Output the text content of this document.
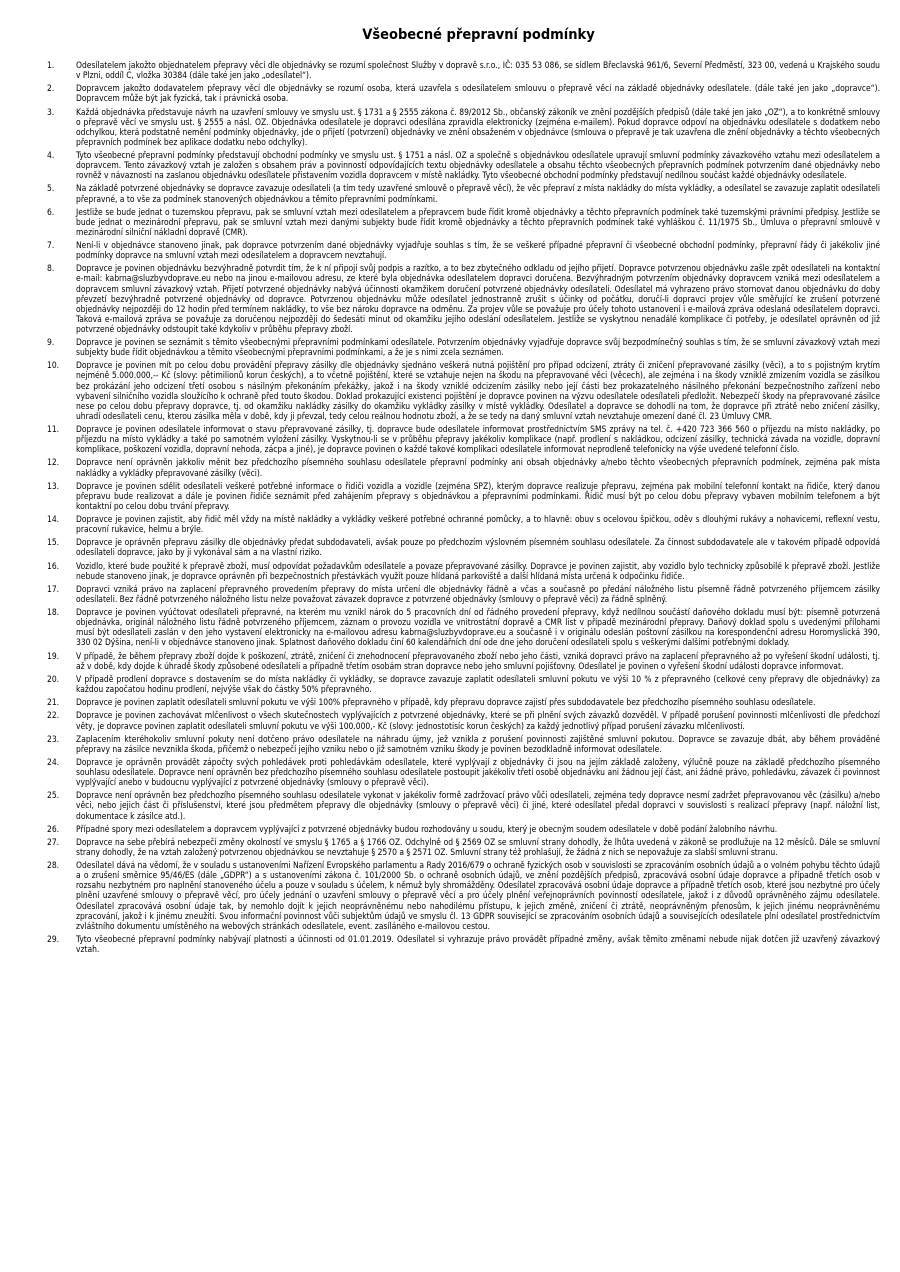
Všeobecné přepravní podmínky
1.	Odesílatelem jakožto objednatelem přepravy věcí dle objednávky se rozumí společnost Služby v dopravě s.r.o., IČ: 035 53 086, se sídlem Břeclavská 961/6, Severní Předměstí, 323 00, vedená u Krajského soudu v Plzni, oddíl C, vložka 30384 (dále také jen jako „odesílatel“).
2.	Dopravcem jakožto dodavatelem přepravy věcí dle objednávky se rozumí osoba, která uzavřela s odesílatelem smlouvu o přepravě věcí na základě objednávky odesílatele. (dále také jen jako „dopravce“). Dopravcem může být jak fyzická, tak i právnická osoba.
3.	Každá objednávka představuje návrh na uzavření smlouvy ve smyslu ust. § 1731 a § 2555 zákona č. 89/2012 Sb., občanský zákoník ve znění pozdějších předpisů (dále také jen jako „OZ“), a to konkrétně smlouvy o přepravě věcí ve smyslu ust. § 2555 a násl. OZ. Objednávka odesílatele je dopravci odesílána zpravidla elektronicky (zejména e-mailem). Pokud dopravce odpoví na objednávku odesílatele s dodatkem nebo odchylkou, která podstatně nemění podmínky objednávky, jde o přijetí (potvrzení) objednávky ve znění obsaženém v objednávce (smlouva o přepravě je tak uzavřena dle znění objednávky a těchto všeobecných přepravních podmínek bez aplikace dodatku nebo odchylky).
4.	Tyto všeobecné přepravní podmínky představují obchodní podmínky ve smyslu ust. § 1751 a násl. OZ a společně s objednávkou odesílatele upravují smluvní podmínky závazkového vztahu mezi odesílatelem a dopravcem. Tento závazkový vztah je založen s obsahem práv a povinností odpovídajících textu objednávky odesílatele a obsahu těchto všeobecných přepravních podmínek potvrzením dané objednávky nebo rovněž v návaznosti na zaslanou objednávku odesílatele přistavením vozidla dopravcem v místě nakládky. Tyto všeobecné obchodní podmínky představují nedílnou součást každé objednávky odesílatele.
5.	Na základě potvrzené objednávky se dopravce zavazuje odesílateli (a tím tedy uzavřené smlouvě o přepravě věcí), že věc přepraví z místa nakládky do místa vykládky, a odesílatel se zavazuje zaplatit odesílateli přepravné, a to vše za podmínek stanovených objednávkou a těmito přepravními podmínkami.
6.	Jestliže se bude jednat o tuzemskou přepravu, pak se smluvní vztah mezi odesílatelem a přepravcem bude řídit kromě objednávky a těchto přepravních podmínek také tuzemskými právními předpisy. Jestliže se bude jednat o mezinárodní přepravu, pak se smluvní vztah mezi danými subjekty bude řídit kromě objednávky a těchto přepravních podmínek také vyhláškou č. 11/1975 Sb., Úmluva o přepravní smlouvě v mezinárodní silniční nákladní dopravě (CMR).
7.	Není-li v objednávce stanoveno jinak, pak dopravce potvrzením dané objednávky vyjadřuje souhlas s tím, že se veškeré případné přepravní či všeobecné obchodní podmínky, přepravní řády či jakékoliv jiné podmínky dopravce na smluvní vztah mezi odesílatelem a dopravcem nevztahují.
8.	Dopravce je povinen objednávku bezvýhradně potvrdit tím, že k ní připojí svůj podpis a razítko, a to bez zbytečného odkladu od jejího přijetí. Dopravce potvrzenou objednávku zašle zpět odesílateli na kontaktní e-mail: kabrna@sluzbyvdoprave.eu nebo na jinou e-mailovou adresu, ze které byla objednávka odesílatelem dopravci doručena. Bezvýhradným potvrzením objednávky dopravcem vzniká mezi odesílatelem a dopravcem smluvní závazkový vztah. Přijetí potvrzené objednávky nabývá účinnosti okamžikem doručení potvrzené objednávky odesílateli. Odesílatel má vyhrazeno právo stornovat danou objednávku do doby převzetí bezvýhradně potvrzené objednávky od dopravce. Potvrzenou objednávku může odesílatel jednostranně zrušit s účinky od počátku, doručí-li dopravci projev vůle směřující ke zrušení potvrzené objednávky nejpozději do 12 hodin před termínem nakládky, to vše bez nároku dopravce na odměnu. Za projev vůle se považuje pro účely tohoto ustanovení i e-mailová zpráva odeslaná odesílatelem dopravci. Taková e-mailová zpráva se považuje za doručenou nejpozději do šedesáti minut od okamžiku jejího odeslání odesílatelem. Jestliže se vyskytnou nenadálé komplikace či potřeby, je odesílatel oprávněn od již potvrzené objednávky odstoupit také kdykoliv v průběhu přepravy zboží.
9.	Dopravce je povinen se seznámit s těmito všeobecnými přepravními podmínkami odesílatele. Potvrzením objednávky vyjadřuje dopravce svůj bezpodmínečný souhlas s tím, že se smluvní závazkový vztah mezi subjekty bude řídit objednávkou a těmito všeobecnými přepravními podmínkami, a že je s nimi zcela seznámen.
10.	Dopravce je povinen mít po celou dobu provádění přepravy zásilky dle objednávky sjednáno veškerá nutná pojištění pro případ odcizení, ztráty či zničení přepravované zásilky (věci), a to s pojistným krytím nejméně 5.000.000,-- Kč (slovy: pětimilionů korun českých), a to včetně pojištění, které se vztahuje nejen na škodu na přepravované věci (věcech), ale zejména i na škody vzniklé zmizením vozidla se zásilkou bez prokázání jeho odcizení třetí osobou s násilným překonáním překážky, jakož i na škody vzniklé odcizením zásilky nebo její části bez prokazatelného násilného překonání bezpečnostního zařízení nebo vybavení silničního vozidla sloužícího k ochraně před touto škodou. Doklad prokazující existenci pojištění je dopravce povinen na výzvu odesílatele odesílateli předložit. Nebezpečí škody na přepravované zásilce nese po celou dobu přepravy dopravce, tj. od okamžiku nakládky zásilky do okamžiku vykládky zásilky v místě vykládky. Odesílatel a dopravce se dohodli na tom, že dopravce při ztrátě nebo zničení zásilky, uhradí odesílateli cenu, kterou zásilka měla v době, kdy ji převzal, tedy celou reálnou hodnotu zboží, a že se tedy na daný smluvní vztah nevztahuje omezení dané čl. 23 Úmluvy CMR.
11.	Dopravce je povinen odesílatele informovat o stavu přepravované zásilky, tj. dopravce bude odesílatele informovat prostřednictvím SMS zprávy na tel. č. +420 723 366 560 o příjezdu na místo nakládky, po příjezdu na místo vykládky a také po samotném vyložení zásilky. Vyskytnou-li se v průběhu přepravy jakékoliv komplikace (např. prodlení s nakládkou, odcizení zásilky, technická závada na vozidle, dopravní komplikace, poškození vozidla, dopravní nehoda, zácpa a jiné), je dopravce povinen o každé takové komplikaci odesílatele informovat neprodleně telefonicky na výše uvedené telefonní číslo.
12.	Dopravce není oprávněn jakkoliv měnit bez předchozího písemného souhlasu odesílatele přepravní podmínky ani obsah objednávky a/nebo těchto všeobecných přepravních podmínek, zejména pak místa nakládky a vykládky přepravované zásilky (věci).
13.	Dopravce je povinen sdělit odesílateli veškeré potřebné informace o řidiči vozidla a vozidle (zejména SPZ), kterým dopravce realizuje přepravu, zejména pak mobilní telefonní kontakt na řidiče, který danou přepravu bude realizovat a dále je povinen řidiče seznámit před zahájením přepravy s objednávkou a přepravními podmínkami. Řidič musí být po celou dobu přepravy vybaven mobilním telefonem a být kontaktní po celou dobu trvání přepravy.
14.	Dopravce je povinen zajistit, aby řidič měl vždy na místě nakládky a vykládky veškeré potřebné ochranné pomůcky, a to hlavně: obuv s ocelovou špičkou, oděv s dlouhými rukávy a nohavicemi, reflexní vestu, pracovní rukavice, helmu a brýle.
15.	Dopravce je oprávněn přepravu zásilky dle objednávky předat subdodavateli, avšak pouze po předchozím výslovném písemném souhlasu odesílatele. Za činnost subdodavatele ale v takovém případě odpovídá odesílateli dopravce, jako by ji vykonával sám a na vlastní riziko.
16.	Vozidlo, které bude použité k přepravě zboží, musí odpovídat požadavkům odesílatele a povaze přepravované zásilky. Dopravce je povinen zajistit, aby vozidlo bylo technicky způsobilé k přepravě zboží. Jestliže nebude stanoveno jinak, je dopravce oprávněn při bezpečnostních přestávkách využít pouze hlídaná parkoviště a další hlídaná místa určená k odpočinku řidiče.
17.	Dopravci vzniká právo na zaplacení přepravného provedením přepravy do místa určení dle objednávky řádně a včas a současně po předání náložného listu písemně řádně potvrzeného příjemcem zásilky odesílateli. Bez řádně potvrzeného náložného listu nelze považovat závazek dopravce z potvrzené objednávky (smlouvy o přepravě věci) za řádně splněný.
18.	Dopravce je povinen vyúčtovat odesílateli přepravné, na kterém mu vznikl nárok do 5 pracovních dní od řádného provedení přepravy, když nedílnou součástí daňového dokladu musí být: písemně potvrzená objednávka, originál náložného listu řádně potvrzeného příjemcem, záznam o provozu vozidla ve vnitrostátní dopravě a CMR list v případě mezinárodní přepravy. Daňový doklad spolu s uvedenými přílohami musí být odesílateli zaslán v den jeho vystavení elektronicky na e-mailovou adresu kabrna@sluzbyvdoprave.eu a současně i v originálu odeslán poštovní zásilkou na korespondenční adresu Horomyslická 390, 330 02 Dýšina, není-li v objednávce stanoveno jinak. Splatnost daňového dokladu činí 60 kalendářních dní ode dne jeho doručení odesílateli spolu s veškerými dalšími potřebnými doklady.
19.	V případě, že během přepravy zboží dojde k poškození, ztrátě, zničení či znehodnocení přepravovaného zboží nebo jeho části, vzniká dopravci právo na zaplacení přepravného až po vyřešení škodní události, tj. až v době, kdy dojde k úhradě škody způsobené odesílateli a případně třetím osobám stran dopravce nebo jeho smluvní pojišťovny. Odesílatel je povinen o vyřešení škodní události dopravce informovat.
20.	V případě prodlení dopravce s dostavením se do místa nakládky či vykládky, se dopravce zavazuje zaplatit odesílateli smluvní pokutu ve výši 10 % z přepravného (celkové ceny přepravy dle objednávky) za každou započatou hodinu prodlení, nejvýše však do částky 50% přepravného.
21.	Dopravce je povinen zaplatit odesílateli smluvní pokutu ve výši 100% přepravného v případě, kdy přepravu dopravce zajistí přes subdodavatele bez předchozího písemného souhlasu odesílatele.
22.	Dopravce je povinen zachovávat mlčenlivost o všech skutečnostech vyplývajících z potvrzené objednávky, které se při plnění svých závazků dozvěděl. V případě porušení povinnosti mlčenlivosti dle předchozí věty, je dopravce povinen zaplatit odesílateli smluvní pokutu ve výši 100.000,- Kč (slovy: jednostotisíc korun českých) za každý jednotlivý případ porušení závazku mlčenlivosti.
23.	Zaplacením kteréhokoliv smluvní pokuty není dotčeno právo odesílatele na náhradu újmy, jež vznikla z porušení povinnosti zajištěné smluvní pokutou. Dopravce se zavazuje dbát, aby během prováděné přepravy na zásilce nevznikla škoda, přičemž o nebezpečí jejího vzniku nebo o již samotném vzniku škody je povinen bezodkladně informovat odesílatele.
24.	Dopravce je oprávněn provádět zápočty svých pohledávek proti pohledávkám odesílatele, které vyplývají z objednávky či jsou na jejím základě založeny, výlučně pouze na základě předchozího písemného souhlasu odesílatele. Dopravce není oprávněn bez předchozího písemného souhlasu odesílatele postoupit jakékoliv třetí osobě objednávku ani žádnou její část, ani žádné právo, pohledávku, závazek či povinnost vyplývající anebo v budoucnu vyplývající z potvrzené objednávky (smlouvy o přepravě věci).
25.	Dopravce není oprávněn bez předchozího písemného souhlasu odesílatele vykonat v jakékoliv formě zadržovací právo vůči odesílateli, zejména tedy dopravce nesmí zadržet přepravovanou věc (zásilku) a/nebo věci, nebo jejich část či příslušenství, které jsou předmětem přepravy dle objednávky (smlouvy o přepravě věci) či jiné, které odesílatel předal dopravci v souvislosti s realizací přepravy (např. náložní list, dokumentace k zásilce atd.).
26.	Případné spory mezi odesílatelem a dopravcem vyplývající z potvrzené objednávky budou rozhodovány u soudu, který je obecným soudem odesílatele v době podání žalobního návrhu.
27.	Dopravce na sebe přebírá nebezpečí změny okolností ve smyslu § 1765 a § 1766 OZ. Odchylně od § 2569 OZ se smluvní strany dohodly, že lhůta uvedená v zákoně se prodlužuje na 12 měsíců. Dále se smluvní strany dohodly, že na vztah založený potvrzenou objednávkou se nevztahuje § 2570 a § 2571 OZ. Smluvní strany též prohlašují, že žádná z nich se nepovažuje za slabší smluvní stranu.
28.	Odesílatel dává na vědomí, že v souladu s ustanoveními Nařízení Evropského parlamentu a Rady 2016/679 o ochraně fyzických osob v souvislosti se zpracováním osobních údajů a o volném pohybu těchto údajů a o zrušení směrnice 95/46/ES (dále „GDPR“) a s ustanoveními zákona č. 101/2000 Sb. o ochraně osobních údajů, ve znění pozdějších předpisů, zpracovává osobní údaje dopravce a případně třetích osob v rozsahu nezbytném pro naplnění stanoveného účelu a pouze v souladu s účelem, k němuž byly shromážděny. Odesílatel zpracovává osobní údaje dopravce a případně třetích osob, které jsou nezbytné pro účely plnění uzavřené smlouvy o přepravě věcí, pro účely jednání o uzavření smlouvy o přepravě věcí a pro účely plnění veřejnoprávních povinností odesílatele, jakož i z důvodů oprávněného zájmu odesílatele. Odesílatel zpracovává osobní údaje tak, by nemohlo dojít k jejich neoprávněnému nebo nahodilému přístupu, k jejich změně, zničení či ztrátě, neoprávněným přenosům, k jejich jinému neoprávněnému zpracování, jakož i k jinému zneužití. Svou informační povinnost vůči subjektům údajů ve smyslu čl. 13 GDPR související se zpracováním osobních údajů a souvisejících odesílatele plní odesílatel prostřednictvím zvláštního dokumentu umístěného na webových stránkách odesílatele, event. zasíláného e-mailovou cestou.
29.	Tyto všeobecné přepravní podmínky nabývají platnosti a účinnosti od 01.01.2019. Odesílatel si vyhrazuje právo provádět případné změny, avšak těmito změnami nebude nijak dotčen již uzavřený závazkový vztah.
